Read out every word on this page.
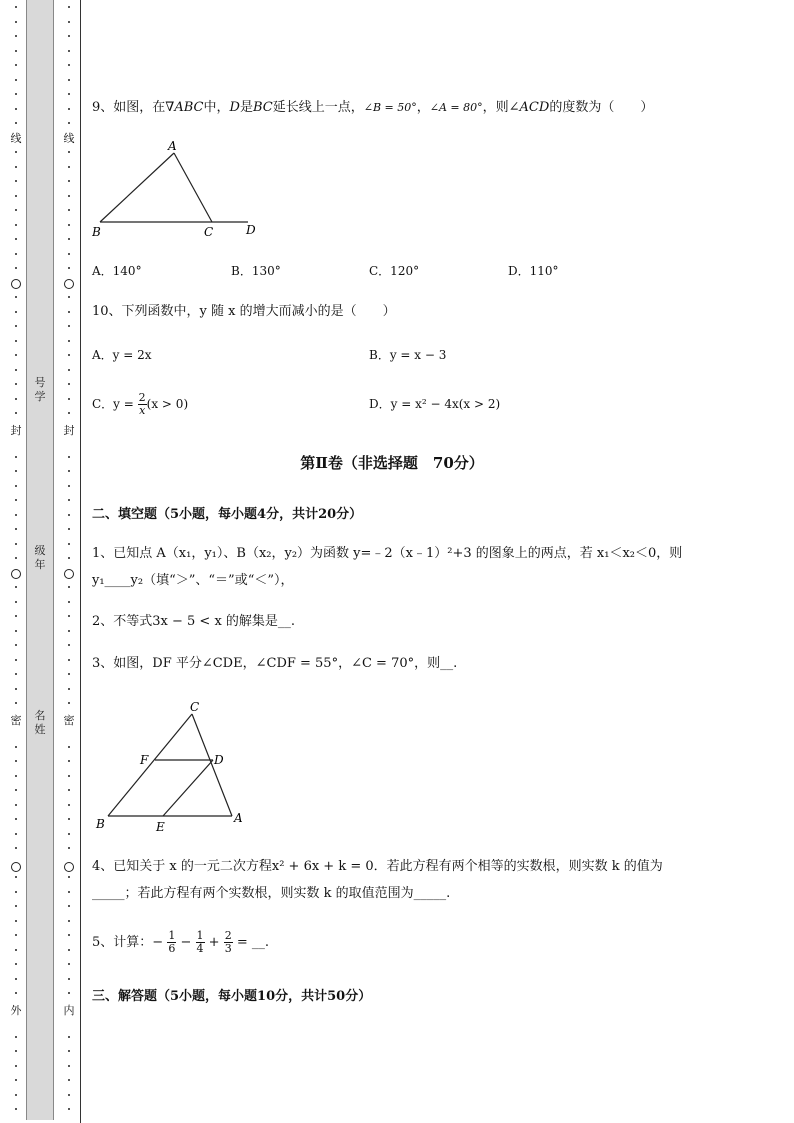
线
封
密
外
号
学
级
年
名
姓
线
封
密
内
9、如图，在∇ABC中，D是BC延长线上一点，∠B = 50°，∠A = 80°，则∠ACD的度数为（　　）
A
B	C	D
A．140°	B．130°	C．120°	D．110°
10、下列函数中，y 随 x 的增大而减小的是（　　）
A．y = 2x	B．y = x − 3
C．$y = \frac{2}{x} (x > 0)$	D．y = x² − 4x(x > 2)
第Ⅱ卷（非选择题　70分）
二、填空题（5小题，每小题4分，共计20分）
1、已知点 A（x₁，y₁）、B（x₂，y₂）为函数 y=﹣2（x﹣1）²+3 的图象上的两点，若 x₁＜x₂＜0，则
y₁____y₂（填“＞”、“＝”或“＜”），
2、不等式3x − 5 < x 的解集是__.
3、如图，DF 平分∠CDE，∠CDF = 55°，∠C = 70°，则__.
C
F	D
B	E
A
4、已知关于 x 的一元二次方程x² + 6x + k = 0．若此方程有两个相等的实数根，则实数 k 的值为
_____；若此方程有两个实数根，则实数 k 的取值范围为_____.
5、计算：− $\frac{1}{6} - \frac{1}{4} + \frac{2}{3}$ = __.
三、解答题（5小题，每小题10分，共计50分）
